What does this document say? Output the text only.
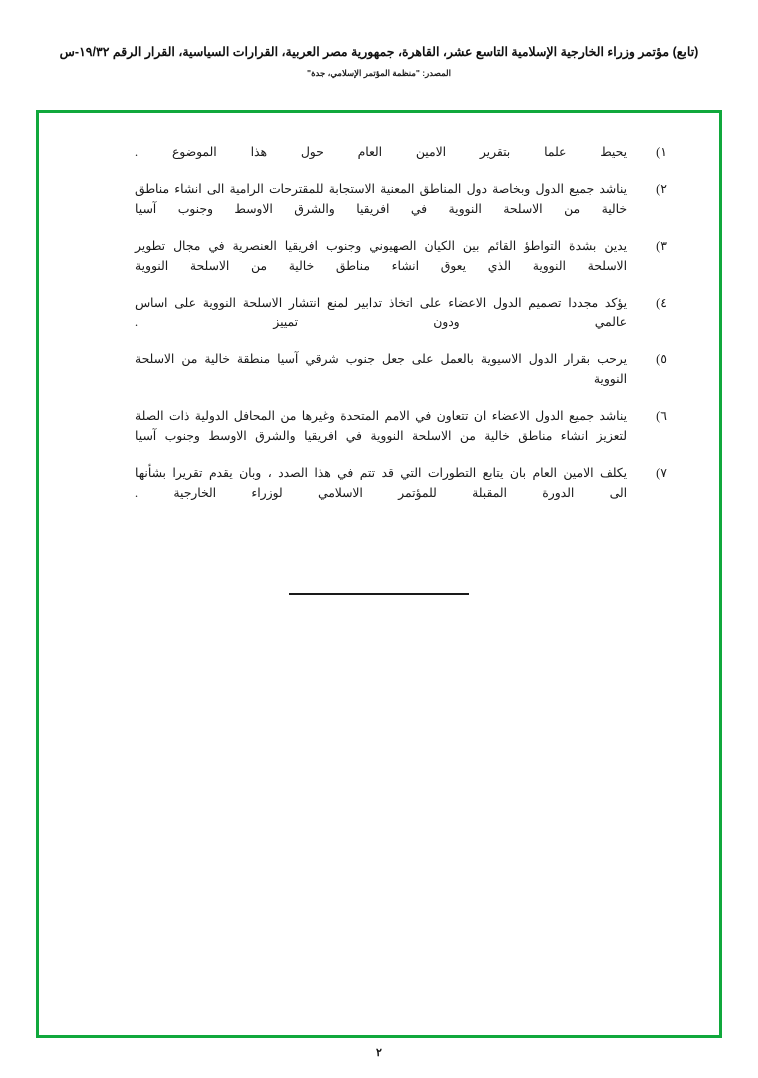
(تابع) مؤتمر وزراء الخارجية الإسلامية التاسع عشر، القاهرة، جمهورية مصر العربية، القرارات السياسية، القرار الرقم ١٩/٣٢-س
المصدر: "منظمة المؤتمر الإسلامي، جدة"
١)
يحيط علما بتقرير الامين العام حول هذا الموضوع .
٢)
يناشد جميع الدول وبخاصة دول المناطق المعنية الاستجابة للمقترحات الرامية الى انشاء مناطق خالية من الاسلحة النووية في افريقيا والشرق الاوسط وجنوب آسيا
٣)
يدين بشدة التواطؤ القائم بين الكيان الصهيوني وجنوب افريقيا العنصرية في مجال تطوير الاسلحة النووية الذي يعوق انشاء مناطق خالية من الاسلحة النووية
٤)
يؤكد مجددا تصميم الدول الاعضاء على اتخاذ تدابير لمنع انتشار الاسلحة النووية على اساس عالمي ودون تمييز .
٥)
يرحب بقرار الدول الاسيوية بالعمل على جعل جنوب شرقي آسيا منطقة خالية من الاسلحة النووية
٦)
يناشد جميع الدول الاعضاء ان تتعاون في الامم المتحدة وغيرها من المحافل الدولية ذات الصلة لتعزيز انشاء مناطق خالية من الاسلحة النووية في افريقيا والشرق الاوسط وجنوب آسيا
٧)
يكلف الامين العام بان يتابع التطورات التي قد تتم في هذا الصدد ، وبان يقدم تقريرا بشأنها الى الدورة المقبلة للمؤتمر الاسلامي لوزراء الخارجية .
٢
